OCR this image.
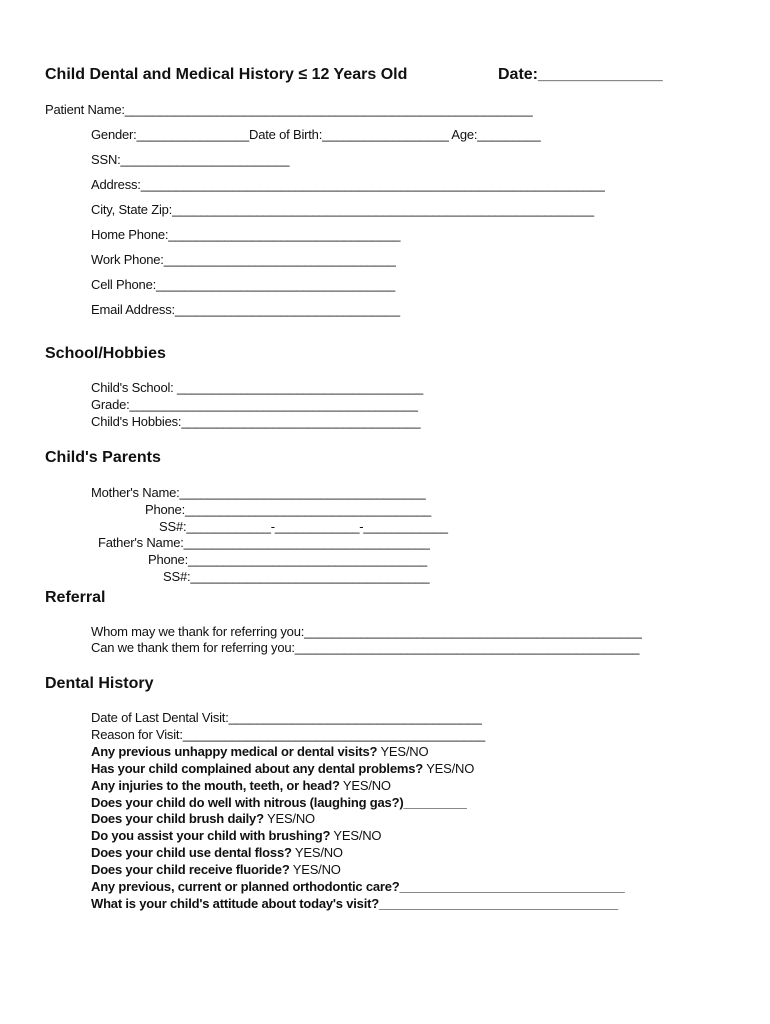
Child Dental and Medical History ≤ 12 Years Old	Date:______________
Patient Name:__________________________________________________________
Gender:________________Date of Birth:__________________ Age:_________
SSN:________________________
Address:__________________________________________________________________
City, State Zip:____________________________________________________________
Home Phone:_________________________________
Work Phone:_________________________________
Cell Phone:__________________________________
Email Address:________________________________
School/Hobbies
Child's School: ___________________________________
Grade:_________________________________________
Child's Hobbies:__________________________________
Child's Parents
Mother's Name:___________________________________
Phone:___________________________________
SS#:____________-____________-____________
Father's Name:___________________________________
Phone:__________________________________
SS#:__________________________________
Referral
Whom may we thank for referring you:________________________________________________
Can we thank them for referring you:_________________________________________________
Dental History
Date of Last Dental Visit:____________________________________
Reason for Visit:___________________________________________
Any previous unhappy medical or dental visits? YES/NO
Has your child complained about any dental problems? YES/NO
Any injuries to the mouth, teeth, or head? YES/NO
Does your child do well with nitrous (laughing gas?)_________
Does your child brush daily? YES/NO
Do you assist your child with brushing? YES/NO
Does your child use dental floss? YES/NO
Does your child receive fluoride? YES/NO
Any previous, current or planned orthodontic care?________________________________
What is your child's attitude about today's visit?__________________________________
